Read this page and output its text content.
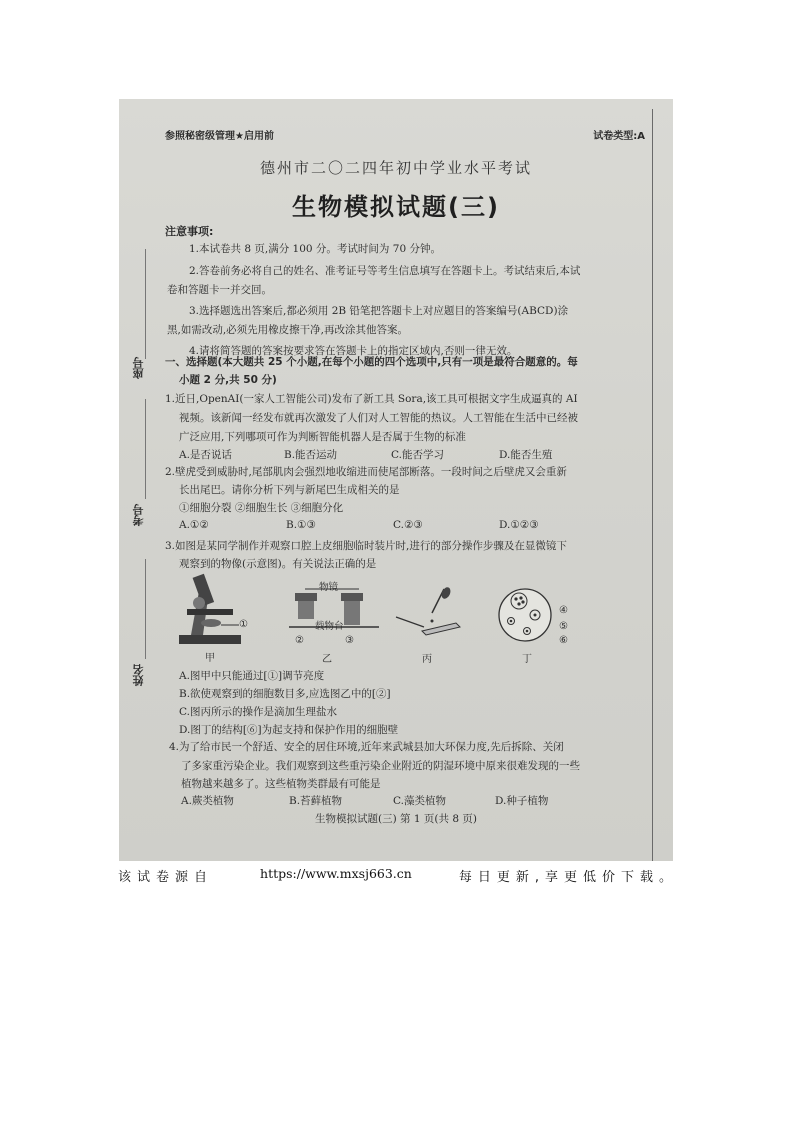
参照秘密级管理★启用前	试卷类型:A
德州市二〇二四年初中学业水平考试
生物模拟试题(三)
座号
考号
姓名
注意事项:
1.本试卷共 8 页,满分 100 分。考试时间为 70 分钟。
2.答卷前务必将自己的姓名、准考证号等考生信息填写在答题卡上。考试结束后,本试
卷和答题卡一并交回。
3.选择题选出答案后,都必须用 2B 铅笔把答题卡上对应题目的答案编号(ABCD)涂
黑,如需改动,必须先用橡皮擦干净,再改涂其他答案。
4.请将简答题的答案按要求答在答题卡上的指定区域内,否则一律无效。
一、选择题(本大题共 25 个小题,在每个小题的四个选项中,只有一项是最符合题意的。每
小题 2 分,共 50 分)
1.近日,OpenAI(一家人工智能公司)发布了新工具 Sora,该工具可根据文字生成逼真的 AI
视频。该新闻一经发布就再次激发了人们对人工智能的热议。人工智能在生活中已经被
广泛应用,下列哪项可作为判断智能机器人是否属于生物的标准
A.是否说话	B.能否运动	C.能否学习	D.能否生殖
2.壁虎受到威胁时,尾部肌肉会强烈地收缩进而使尾部断落。一段时间之后壁虎又会重新
长出尾巴。请你分析下列与新尾巴生成相关的是
①细胞分裂 ②细胞生长 ③细胞分化
A.①②	B.①③	C.②③	D.①②③
3.如图是某同学制作并观察口腔上皮细胞临时装片时,进行的部分操作步骤及在显微镜下
观察到的物像(示意图)。有关说法正确的是
①
甲
物镜
载物台
②	③
乙	丙
④
⑤
⑥
丁
A.图甲中只能通过[①]调节亮度
B.欲使观察到的细胞数目多,应选图乙中的[②]
C.图丙所示的操作是滴加生理盐水
D.图丁的结构[⑥]为起支持和保护作用的细胞壁
4.为了给市民一个舒适、安全的居住环境,近年来武城县加大环保力度,先后拆除、关闭
了多家重污染企业。我们观察到这些重污染企业附近的阴湿环境中原来很难发现的一些
植物越来越多了。这些植物类群最有可能是
A.蕨类植物	B.苔藓植物	C.藻类植物	D.种子植物
生物模拟试题(三) 第 1 页(共 8 页)
该试卷源自	https://www.mxsj663.cn	每日更新,享更低价下载。
